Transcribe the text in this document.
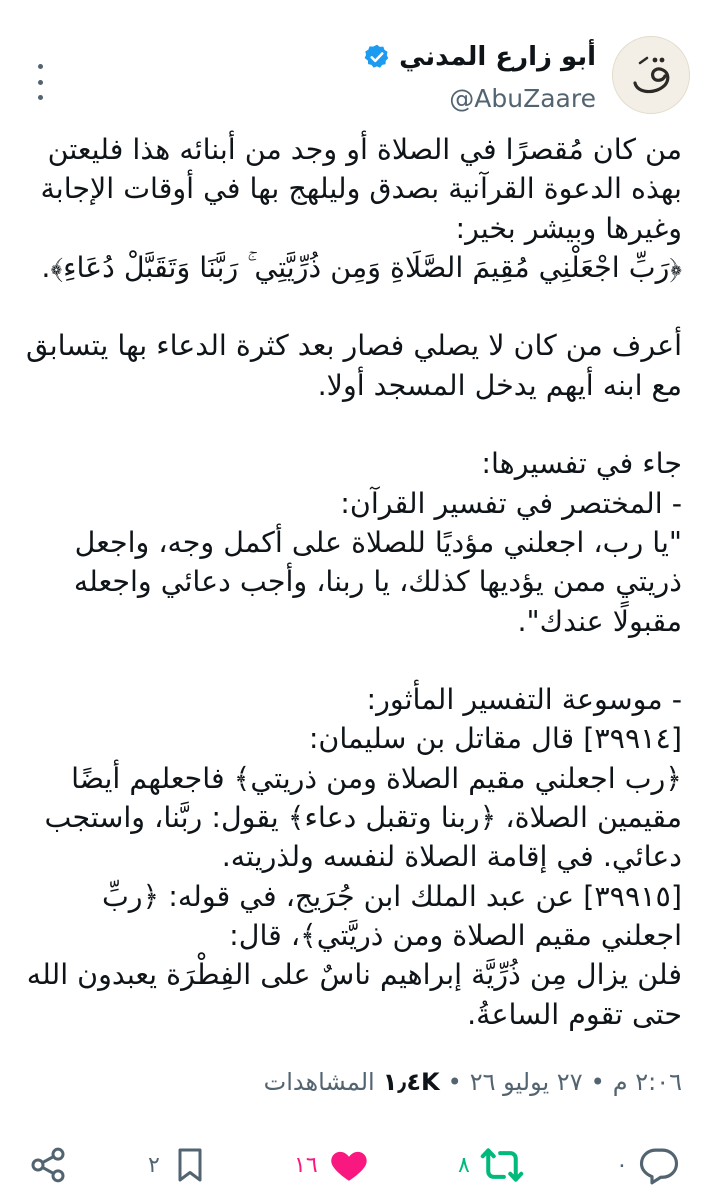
أبو زارع المدني
@AbuZaare

من كان مُقصرًا في الصلاة أو وجد من أبنائه هذا فليعتن بهذه الدعوة القرآنية بصدق وليلهج بها في أوقات الإجابة وغيرها وبيشر بخير:
﴿رَبِّ اجْعَلْنِي مُقِيمَ الصَّلَاةِ وَمِن ذُرِّيَّتِي ۚ رَبَّنَا وَتَقَبَّلْ دُعَاءِ﴾.

أعرف من كان لا يصلي فصار بعد كثرة الدعاء بها يتسابق مع ابنه أيهم يدخل المسجد أولا.

جاء في تفسيرها:
- المختصر في تفسير القرآن:
"يا رب، اجعلني مؤديًا للصلاة على أكمل وجه، واجعل ذريتي ممن يؤديها كذلك، يا ربنا، وأجب دعائي واجعله مقبولًا عندك".

- موسوعة التفسير المأثور:
[٣٩٩١٤] قال مقاتل بن سليمان:
﴿رب اجعلني مقيم الصلاة ومن ذريتي﴾ فاجعلهم أيضًا مقيمين الصلاة، ﴿ربنا وتقبل دعاء﴾ يقول: ربَّنا، واستجب دعائي. في إقامة الصلاة لنفسه ولذريته.
[٣٩٩١٥] عن عبد الملك ابن جُرَيج، في قوله: ﴿ربِّ اجعلني مقيم الصلاة ومن ذريَّتي﴾، قال:
فلن يزال مِن ذُرِّيَّة إبراهيم ناسٌ على الفِطْرَة يعبدون الله حتى تقوم الساعةُ.

٢:٠٦ م
•
٢٧ يوليو ٢٦
•
١٫٤K
المشاهدات
٢	١٦	٨	٠
